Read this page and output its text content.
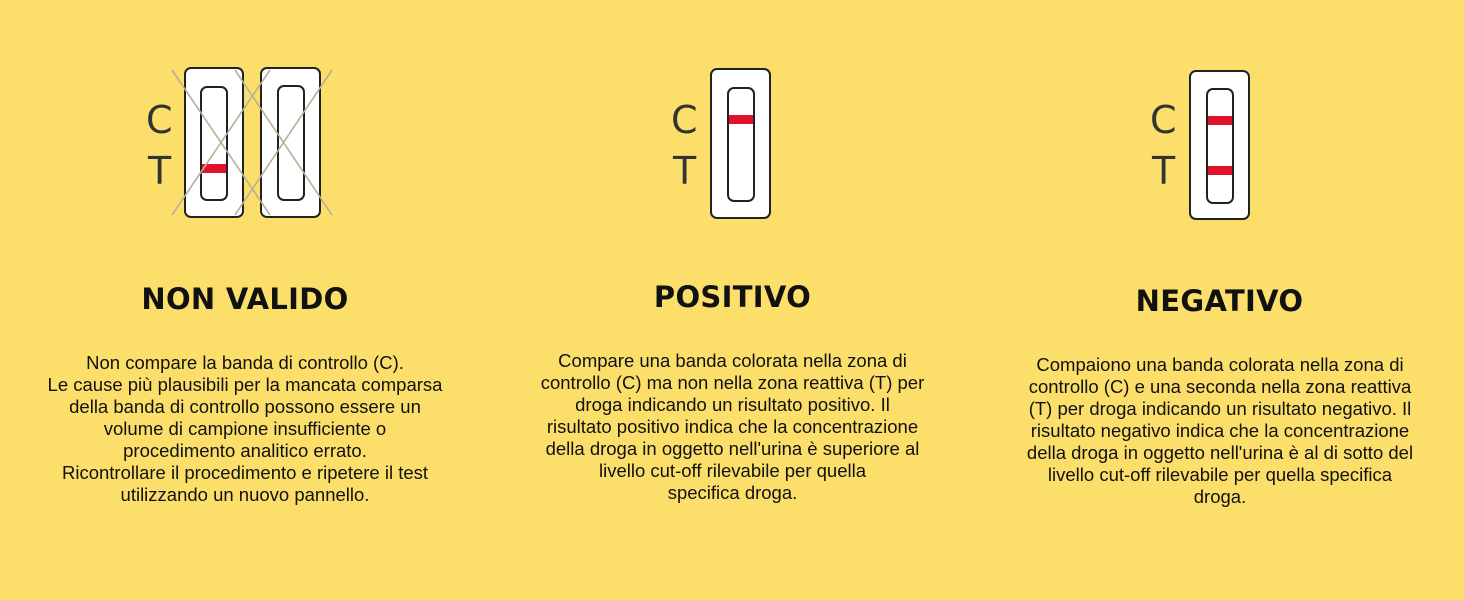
C
T
NON VALIDO
Non compare la banda di controllo (C).
Le cause più plausibili per la mancata comparsa
della banda di controllo possono essere un
volume di campione insufficiente o
procedimento analitico errato.
Ricontrollare il procedimento e ripetere il test
utilizzando un nuovo pannello.
C
T
POSITIVO
Compare una banda colorata nella zona di
controllo (C) ma non nella zona reattiva (T) per
droga indicando un risultato positivo. Il
risultato positivo indica che la concentrazione
della droga in oggetto nell'urina è superiore al
livello cut-off rilevabile per quella
specifica droga.
C
T
NEGATIVO
Compaiono una banda colorata nella zona di
controllo (C) e una seconda nella zona reattiva
(T) per droga indicando un risultato negativo. Il
risultato negativo indica che la concentrazione
della droga in oggetto nell'urina è al di sotto del
livello cut-off rilevabile per quella specifica
droga.
